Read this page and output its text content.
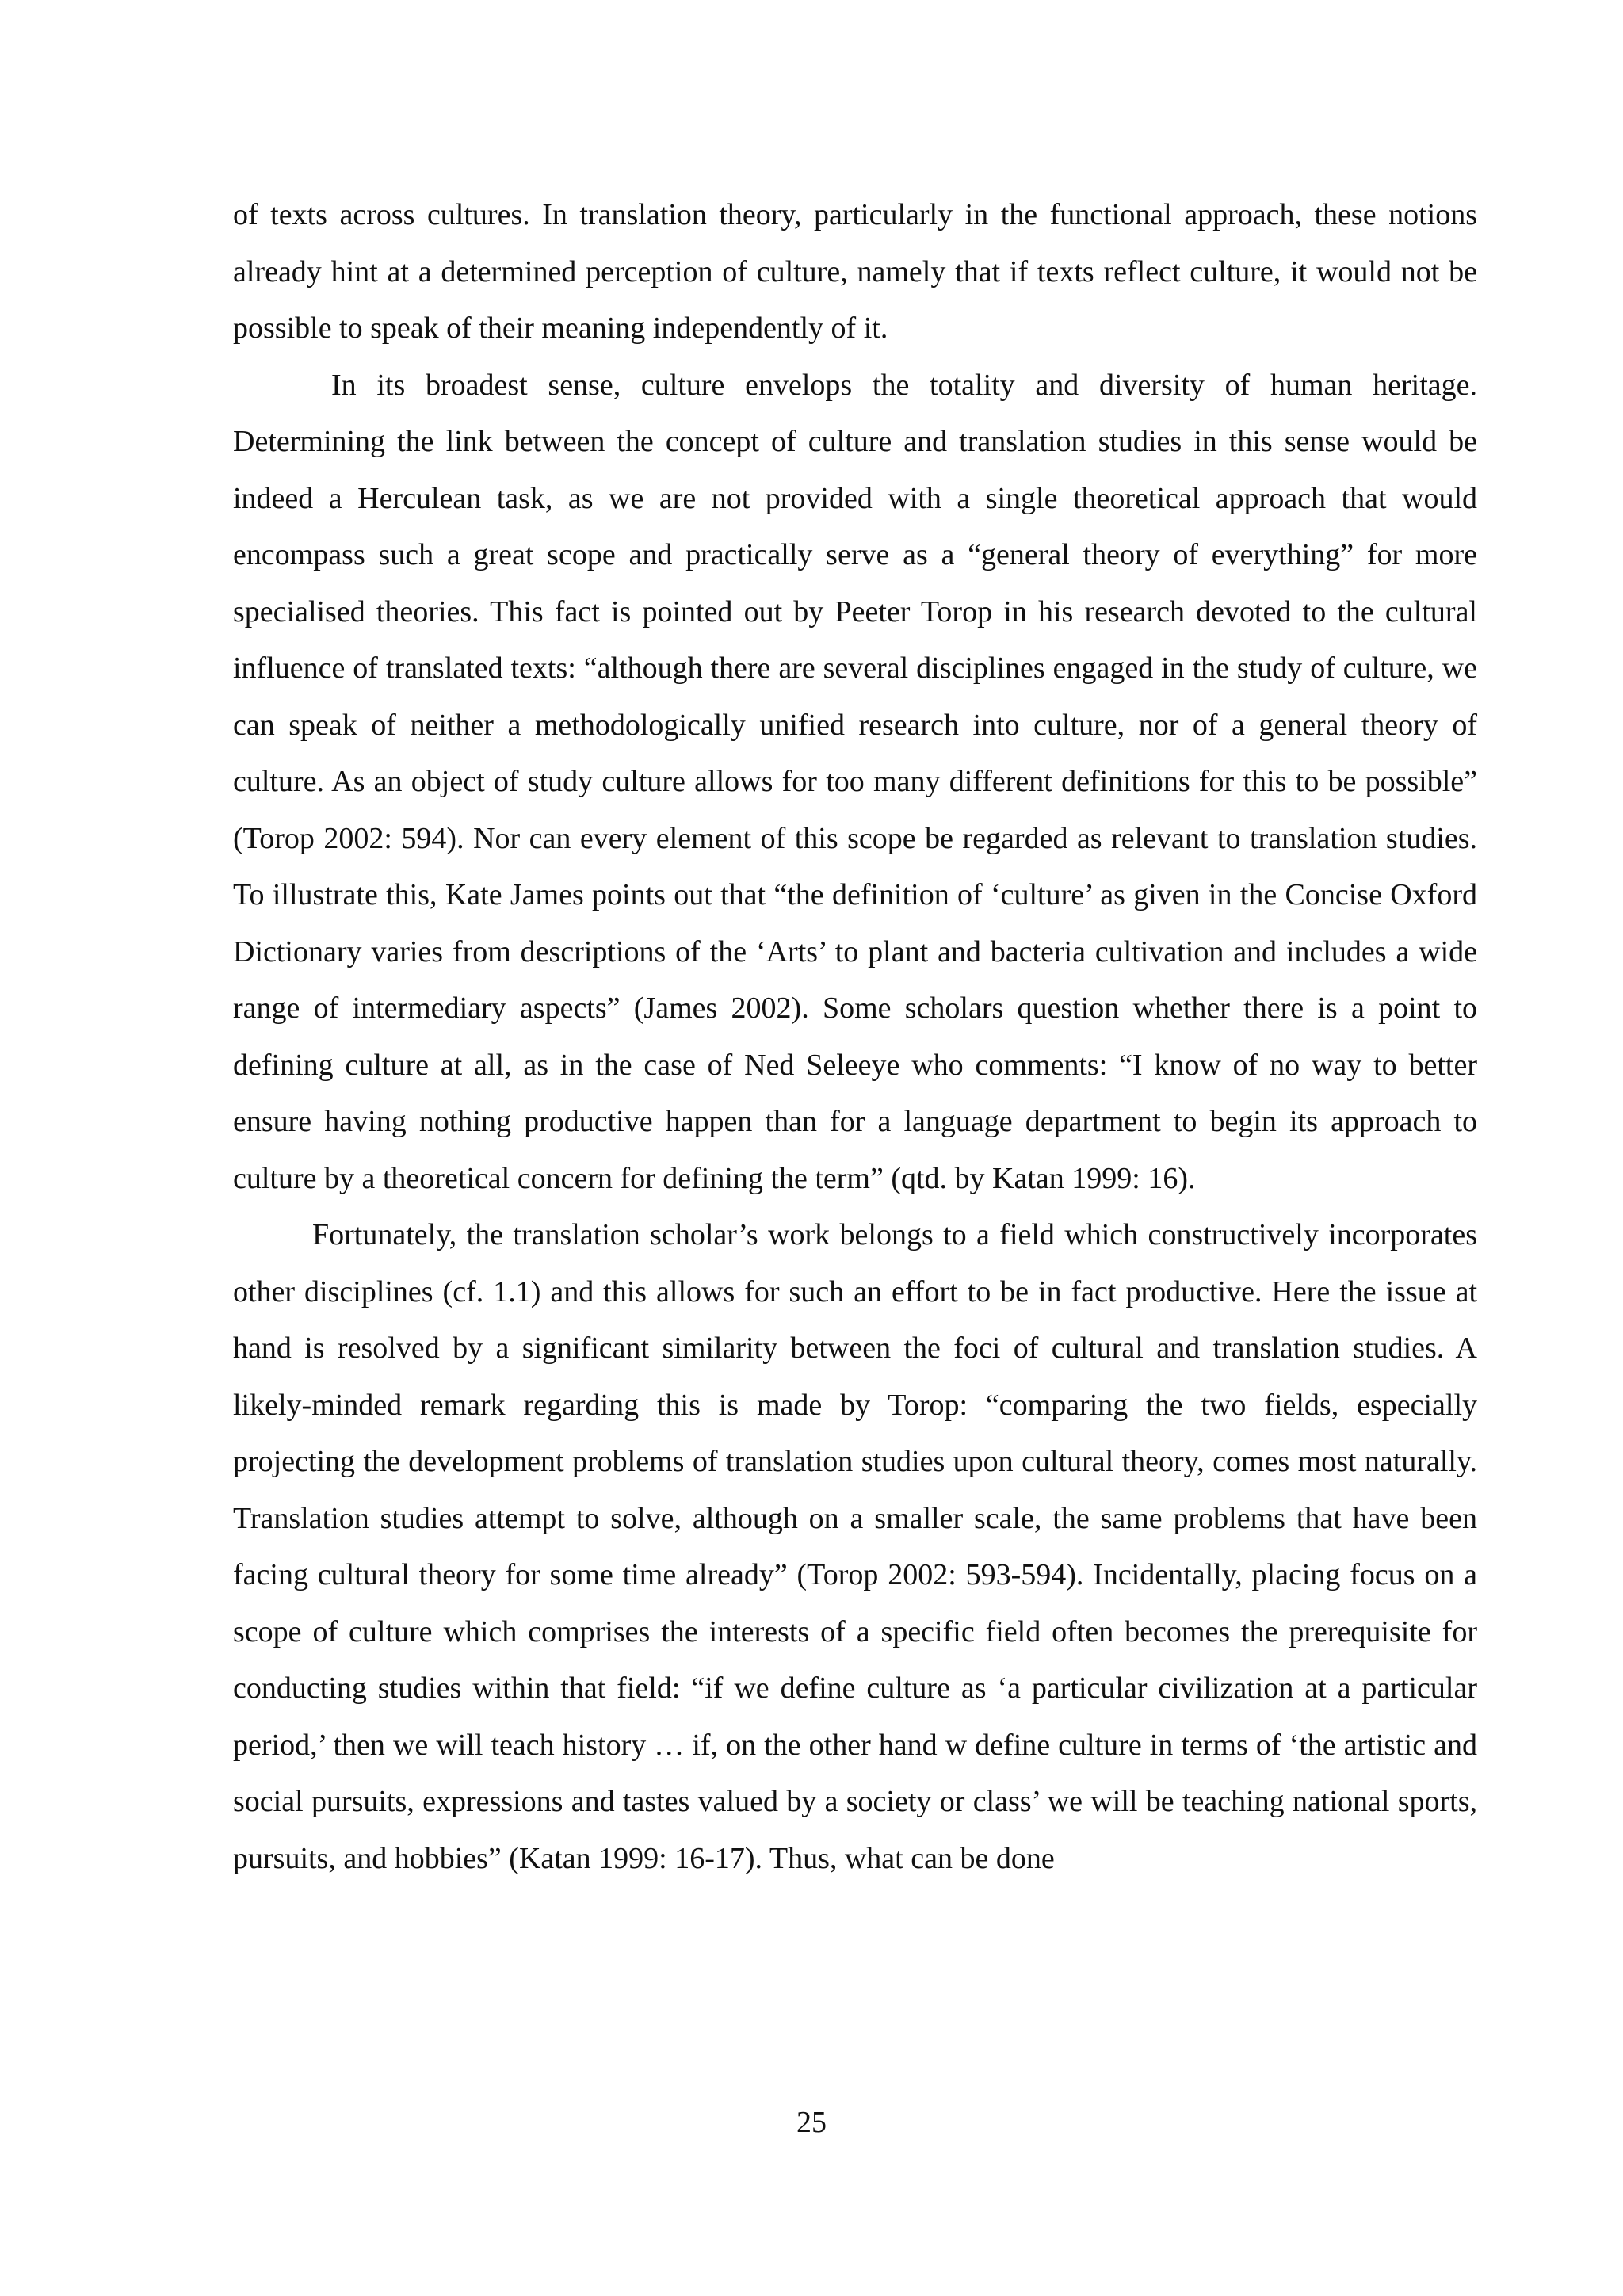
of texts across cultures. In translation theory, particularly in the functional approach, these notions already hint at a determined perception of culture, namely that if texts reflect culture, it would not be possible to speak of their meaning independently of it.

In its broadest sense, culture envelops the totality and diversity of human heritage. Determining the link between the concept of culture and translation studies in this sense would be indeed a Herculean task, as we are not provided with a single theoretical approach that would encompass such a great scope and practically serve as a “general theory of everything” for more specialised theories. This fact is pointed out by Peeter Torop in his research devoted to the cultural influence of translated texts: “although there are several disciplines engaged in the study of culture, we can speak of neither a methodologically unified research into culture, nor of a general theory of culture. As an object of study culture allows for too many different definitions for this to be possible” (Torop 2002: 594). Nor can every element of this scope be regarded as relevant to translation studies. To illustrate this, Kate James points out that “the definition of ‘culture’ as given in the Concise Oxford Dictionary varies from descriptions of the ‘Arts’ to plant and bacteria cultivation and includes a wide range of intermediary aspects” (James 2002). Some scholars question whether there is a point to defining culture at all, as in the case of Ned Seleeye who comments: “I know of no way to better ensure having nothing productive happen than for a language department to begin its approach to culture by a theoretical concern for defining the term” (qtd. by Katan 1999: 16).

Fortunately, the translation scholar’s work belongs to a field which constructively incorporates other disciplines (cf. 1.1) and this allows for such an effort to be in fact productive. Here the issue at hand is resolved by a significant similarity between the foci of cultural and translation studies. A likely-minded remark regarding this is made by Torop: “comparing the two fields, especially projecting the development problems of translation studies upon cultural theory, comes most naturally. Translation studies attempt to solve, although on a smaller scale, the same problems that have been facing cultural theory for some time already” (Torop 2002: 593-594). Incidentally, placing focus on a scope of culture which comprises the interests of a specific field often becomes the prerequisite for conducting studies within that field: “if we define culture as ‘a particular civilization at a particular period,’ then we will teach history … if, on the other hand w define culture in terms of ‘the artistic and social pursuits, expressions and tastes valued by a society or class’ we will be teaching national sports, pursuits, and hobbies” (Katan 1999: 16-17). Thus, what can be done

25
